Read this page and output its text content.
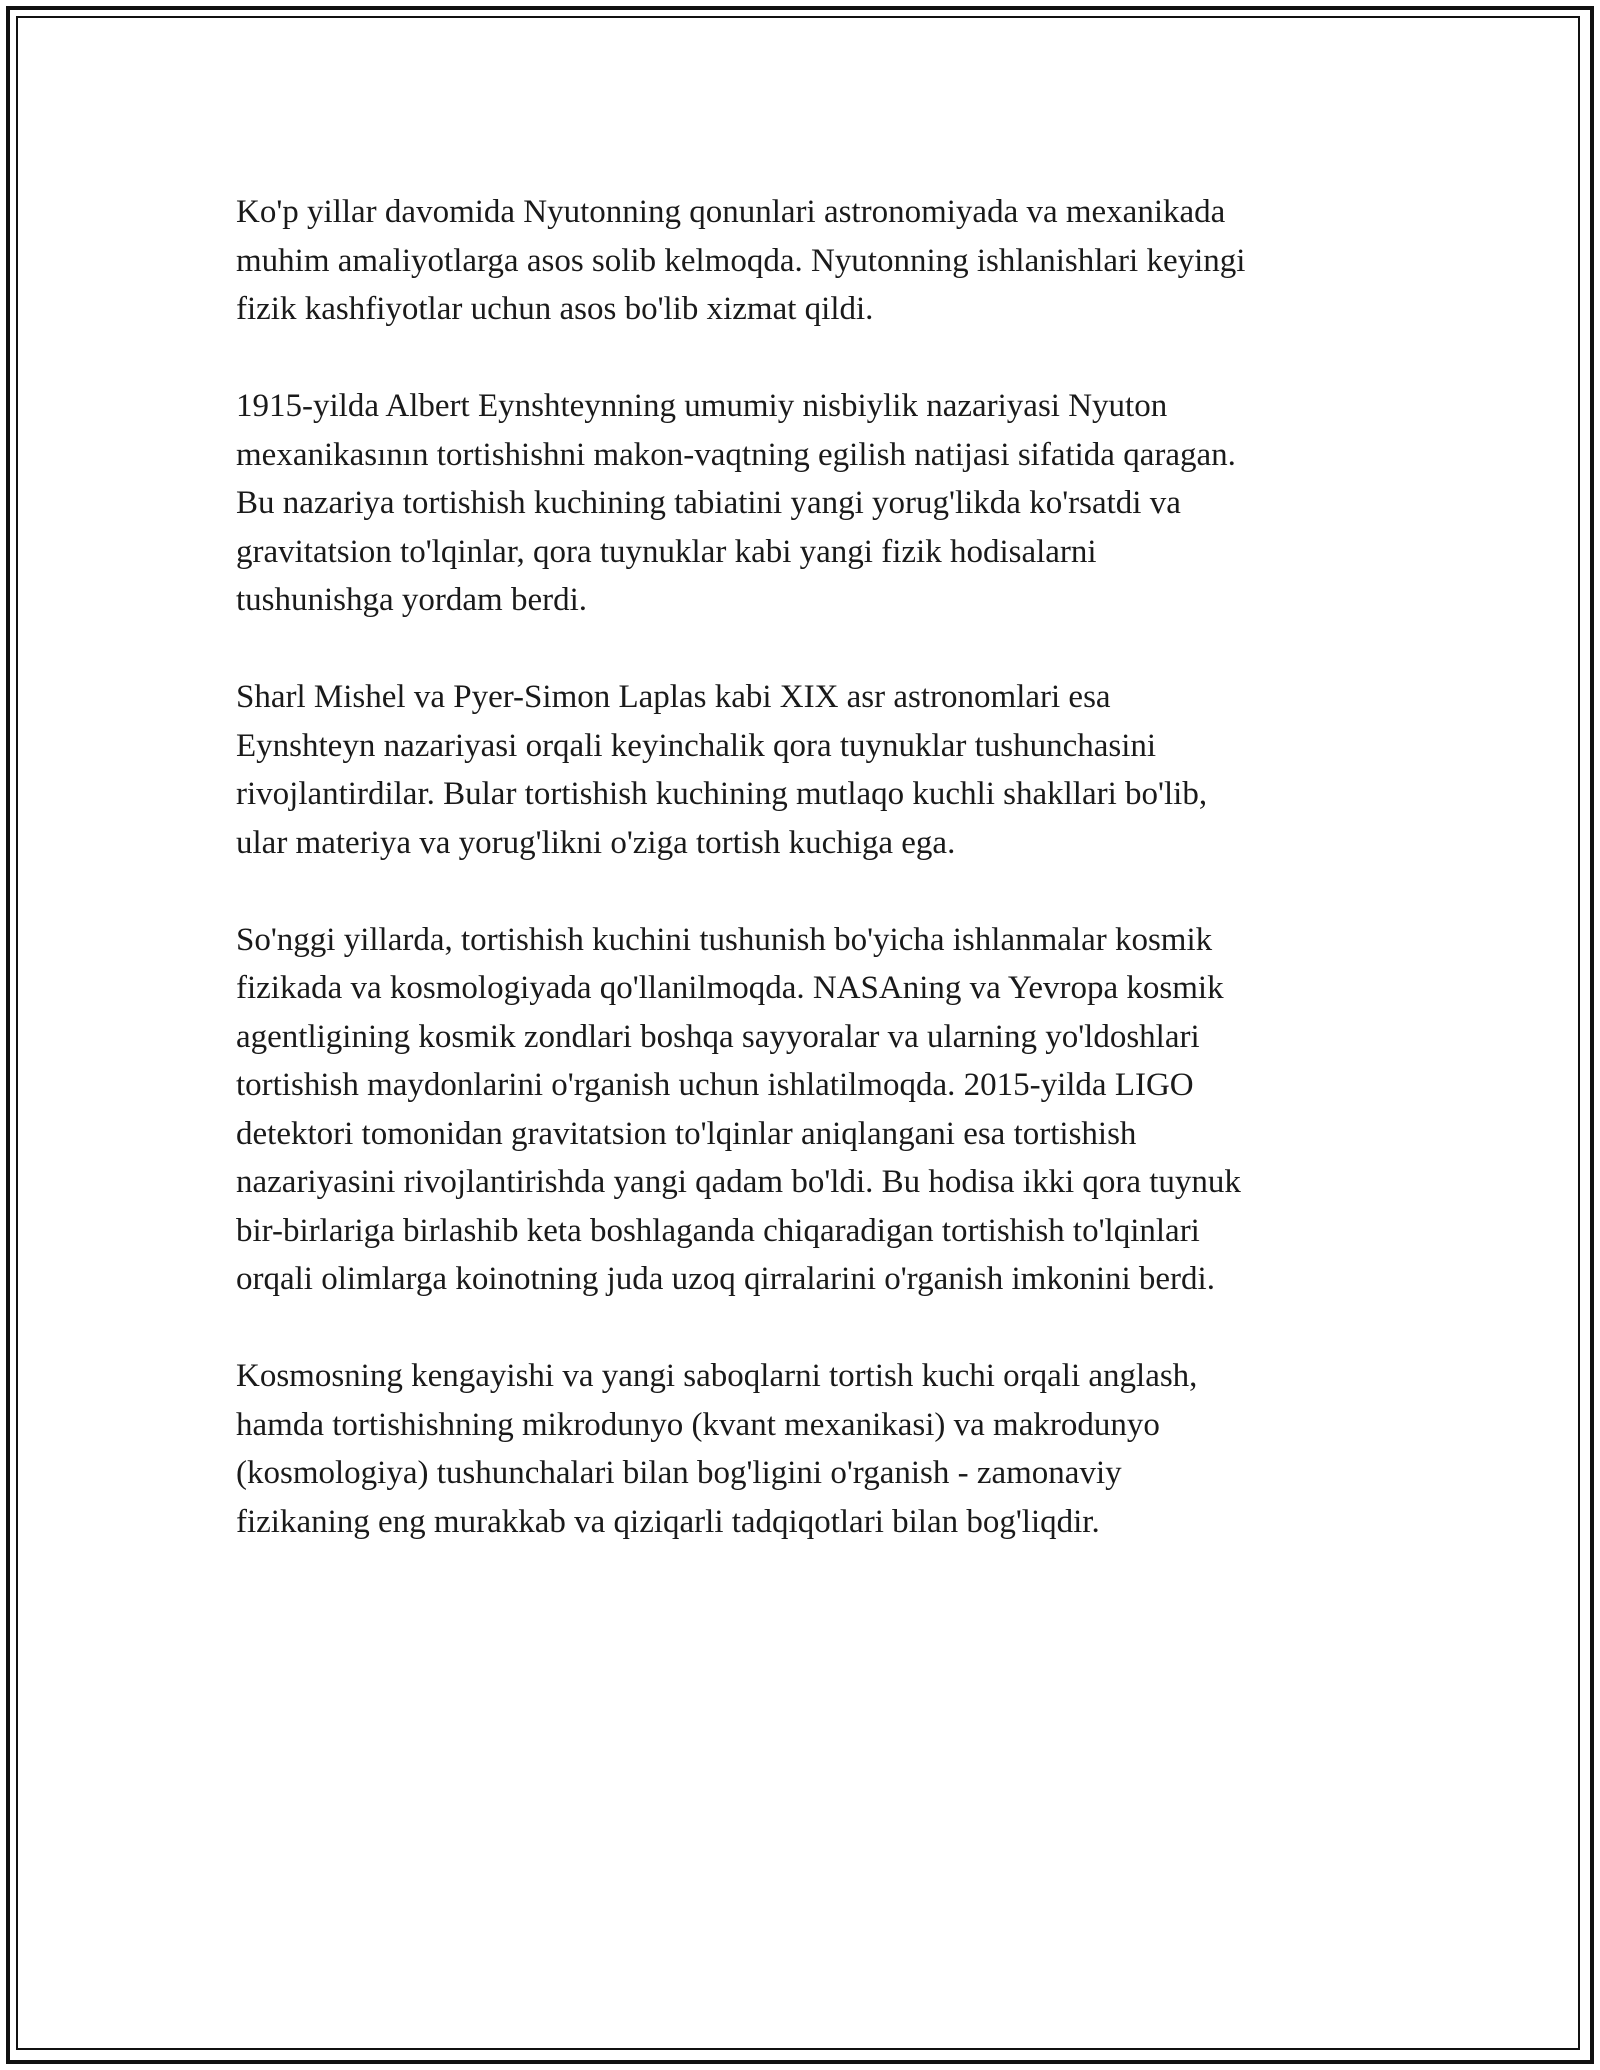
Ko'p yillar davomida Nyutonning qonunlari astronomiyada va mexanikada
muhim amaliyotlarga asos solib kelmoqda. Nyutonning ishlanishlari keyingi
fizik kashfiyotlar uchun asos bo'lib xizmat qildi.

1915-yilda Albert Eynshteynning umumiy nisbiylik nazariyasi Nyuton
mexanikasının tortishishni makon-vaqtning egilish natijasi sifatida qaragan.
Bu nazariya tortishish kuchining tabiatini yangi yorug'likda ko'rsatdi va
gravitatsion to'lqinlar, qora tuynuklar kabi yangi fizik hodisalarni
tushunishga yordam berdi.

Sharl Mishel va Pyer-Simon Laplas kabi XIX asr astronomlari esa
Eynshteyn nazariyasi orqali keyinchalik qora tuynuklar tushunchasini
rivojlantirdilar. Bular tortishish kuchining mutlaqo kuchli shakllari bo'lib,
ular materiya va yorug'likni o'ziga tortish kuchiga ega.

So'nggi yillarda, tortishish kuchini tushunish bo'yicha ishlanmalar kosmik
fizikada va kosmologiyada qo'llanilmoqda. NASAning va Yevropa kosmik
agentligining kosmik zondlari boshqa sayyoralar va ularning yo'ldoshlari
tortishish maydonlarini o'rganish uchun ishlatilmoqda. 2015-yilda LIGO
detektori tomonidan gravitatsion to'lqinlar aniqlangani esa tortishish
nazariyasini rivojlantirishda yangi qadam bo'ldi. Bu hodisa ikki qora tuynuk
bir-birlariga birlashib keta boshlaganda chiqaradigan tortishish to'lqinlari
orqali olimlarga koinotning juda uzoq qirralarini o'rganish imkonini berdi.

Kosmosning kengayishi va yangi saboqlarni tortish kuchi orqali anglash,
hamda tortishishning mikrodunyo (kvant mexanikasi) va makrodunyo
(kosmologiya) tushunchalari bilan bog'ligini o'rganish - zamonaviy
fizikaning eng murakkab va qiziqarli tadqiqotlari bilan bog'liqdir.
